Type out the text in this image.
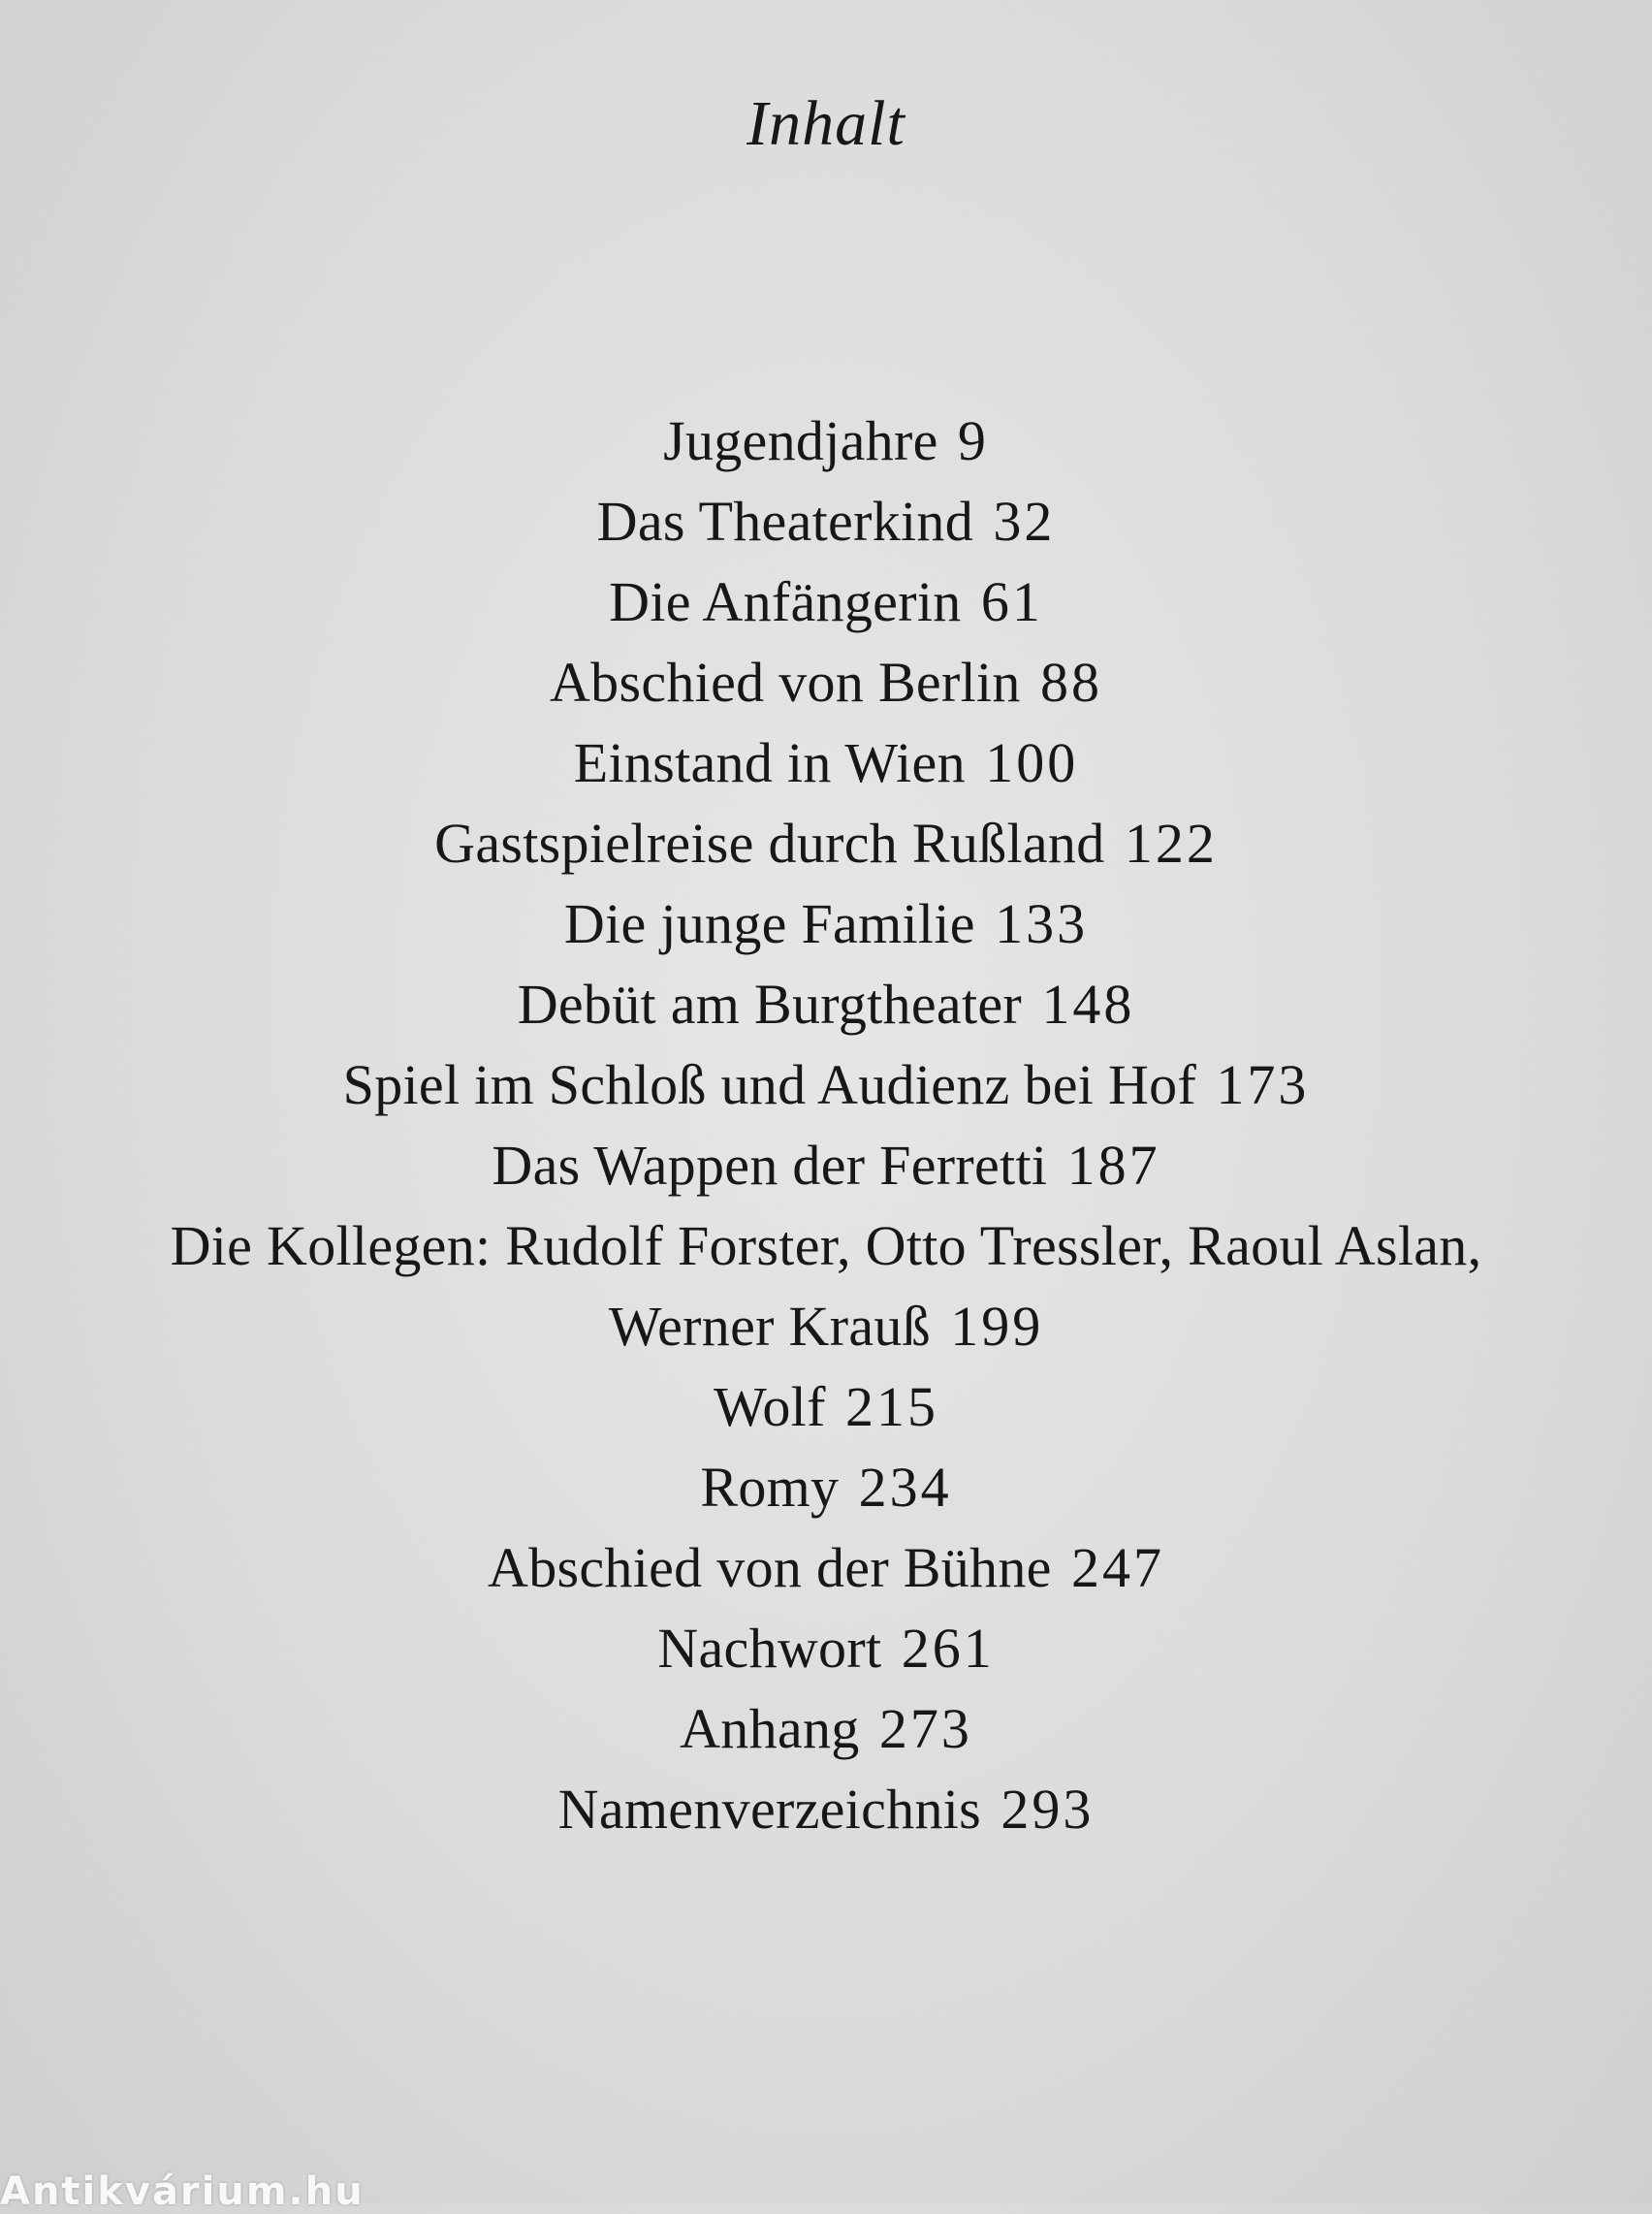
Inhalt
Jugendjahre 9
Das Theaterkind 32
Die Anfängerin 61
Abschied von Berlin 88
Einstand in Wien 100
Gastspielreise durch Rußland 122
Die junge Familie 133
Debüt am Burgtheater 148
Spiel im Schloß und Audienz bei Hof 173
Das Wappen der Ferretti 187
Die Kollegen: Rudolf Forster, Otto Tressler, Raoul Aslan,
Werner Krauß 199
Wolf 215
Romy 234
Abschied von der Bühne 247
Nachwort 261
Anhang 273
Namenverzeichnis 293
Antikvárium.hu
